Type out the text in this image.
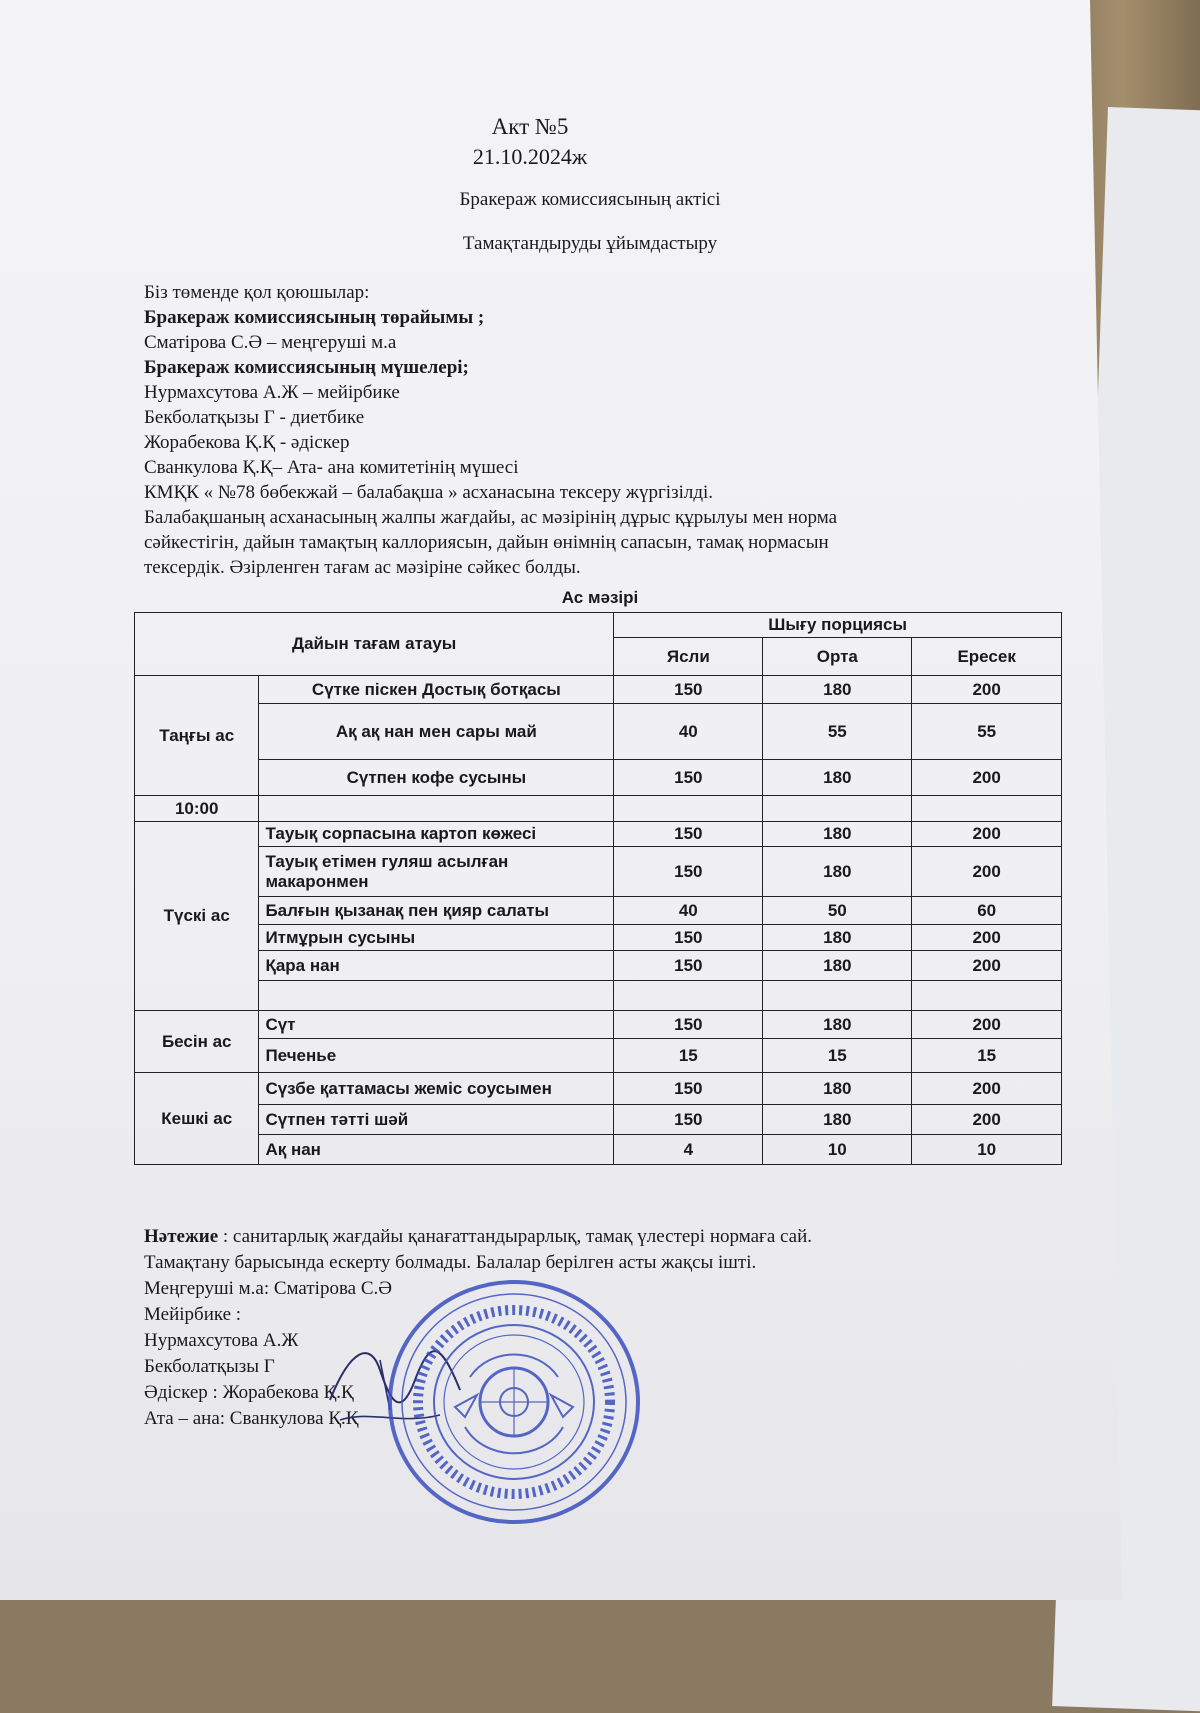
Акт №5
21.10.2024ж
Бракераж комиссиясының актісі
Тамақтандыруды ұйымдастыру
Біз төменде қол қоюшылар:
Бракераж комиссиясының төрайымы ;
Сматірова С.Ә – меңгеруші м.а
Бракераж комиссиясының мүшелері;
Нурмахсутова А.Ж – мейірбике
Бекболатқызы Г - диетбике
Жорабекова Қ.Қ - әдіскер
Сванкулова Қ.Қ– Ата- ана комитетінің мүшесі
КМҚК « №78 бөбекжай – балабақша » асханасына тексеру жүргізілді.
Балабақшаның асханасының жалпы жағдайы, ас мәзірінің дұрыс құрылуы мен норма
сәйкестігін, дайын тамақтың каллориясын, дайын өнімнің сапасын, тамақ нормасын
тексердік. Әзірленген тағам ас мәзіріне сәйкес болды.
Ас мәзірі
Дайын тағам атауы		Шығу порциясы		
		Ясли	Орта	Ересек
Таңғы ас	Сүтке піскен Достық ботқасы	150	180	200
	Ақ ақ нан мен сары май	40	55	55
	Сүтпен кофе сусыны	150	180	200
10:00				
Түскі ас	Тауық сорпасына картоп көжесі	150	180	200
	Тауық етімен гуляш асылған макаронмен	150	180	200
	Балғын қызанақ пен қияр салаты	40	50	60
	Итмұрын сусыны	150	180	200
	Қара нан	150	180	200

Бесін ас	Сүт	150	180	200
	Печенье	15	15	15
Кешкі ас	Сүзбе қаттамасы жеміс соусымен	150	180	200
	Сүтпен тәтті шәй	150	180	200
	Ақ нан	4	10	10
Нәтежие : санитарлық жағдайы қанағаттандырарлық, тамақ үлестері нормаға сай.
Тамақтану барысында ескерту болмады. Балалар берілген асты жақсы ішті.
Меңгеруші м.а: Сматірова С.Ә
Мейірбике :
Нурмахсутова А.Ж
Бекболатқызы Г
Әдіскер : Жорабекова Қ.Қ
Ата – ана: Сванкулова Қ.Қ
